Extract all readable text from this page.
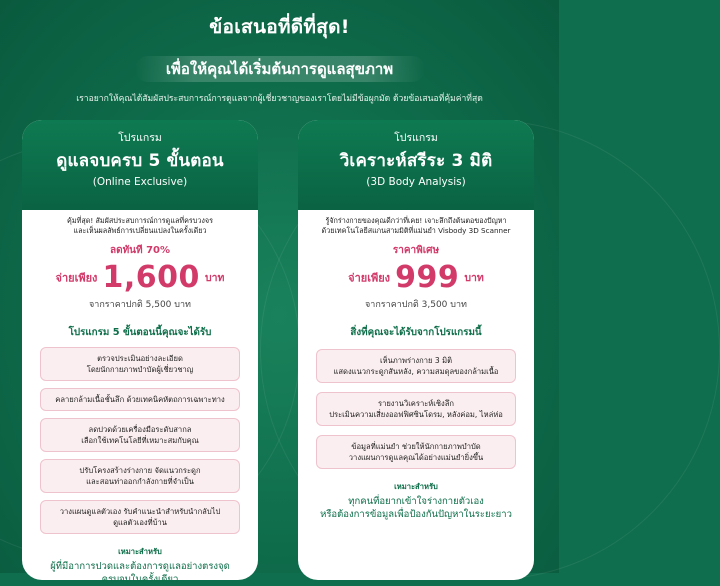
ข้อเสนอที่ดีที่สุด!
เพื่อให้คุณได้เริ่มต้นการดูแลสุขภาพ
เราอยากให้คุณได้สัมผัสประสบการณ์การดูแลจากผู้เชี่ยวชาญของเราโดยไม่มีข้อผูกมัด ด้วยข้อเสนอที่คุ้มค่าที่สุด
โปรแกรม
ดูแลจบครบ 5 ขั้นตอน
(Online Exclusive)
คุ้มที่สุด! สัมผัสประสบการณ์การดูแลที่ครบวงจร
และเห็นผลลัพธ์การเปลี่ยนแปลงในครั้งเดียว
ลดทันที 70%
จ่ายเพียง 1,600 บาท
จากราคาปกติ 5,500 บาท
โปรแกรม 5 ขั้นตอนนี้คุณจะได้รับ
ตรวจประเมินอย่างละเอียด
โดยนักกายภาพบำบัดผู้เชี่ยวชาญ
คลายกล้ามเนื้อชั้นลึก ด้วยเทคนิคหัตถการเฉพาะทาง
ลดปวดด้วยเครื่องมือระดับสากล
เลือกใช้เทคโนโลยีที่เหมาะสมกับคุณ
ปรับโครงสร้างร่างกาย จัดแนวกระดูก
และสอนท่าออกกำลังกายที่จำเป็น
วางแผนดูแลตัวเอง รับคำแนะนำสำหรับนำกลับไป
ดูแลตัวเองที่บ้าน
เหมาะสำหรับ
ผู้ที่มีอาการปวดและต้องการดูแลอย่างตรงจุด
ครบจบในครั้งเดียว
โปรแกรม
วิเคราะห์สรีระ 3 มิติ
(3D Body Analysis)
รู้จักร่างกายของคุณดีกว่าที่เคย! เจาะลึกถึงต้นตอของปัญหา
ด้วยเทคโนโลยีสแกนสามมิติที่แม่นยำ Visbody 3D Scanner
ราคาพิเศษ
จ่ายเพียง 999 บาท
จากราคาปกติ 3,500 บาท
สิ่งที่คุณจะได้รับจากโปรแกรมนี้
เห็นภาพร่างกาย 3 มิติ
แสดงแนวกระดูกสันหลัง, ความสมดุลของกล้ามเนื้อ
รายงานวิเคราะห์เชิงลึก
ประเมินความเสี่ยงออฟฟิศซินโดรม, หลังค่อม, ไหล่ห่อ
ข้อมูลที่แม่นยำ ช่วยให้นักกายภาพบำบัด
วางแผนการดูแลคุณได้อย่างแม่นยำยิ่งขึ้น
เหมาะสำหรับ
ทุกคนที่อยากเข้าใจร่างกายตัวเอง
หรือต้องการข้อมูลเพื่อป้องกันปัญหาในระยะยาว
